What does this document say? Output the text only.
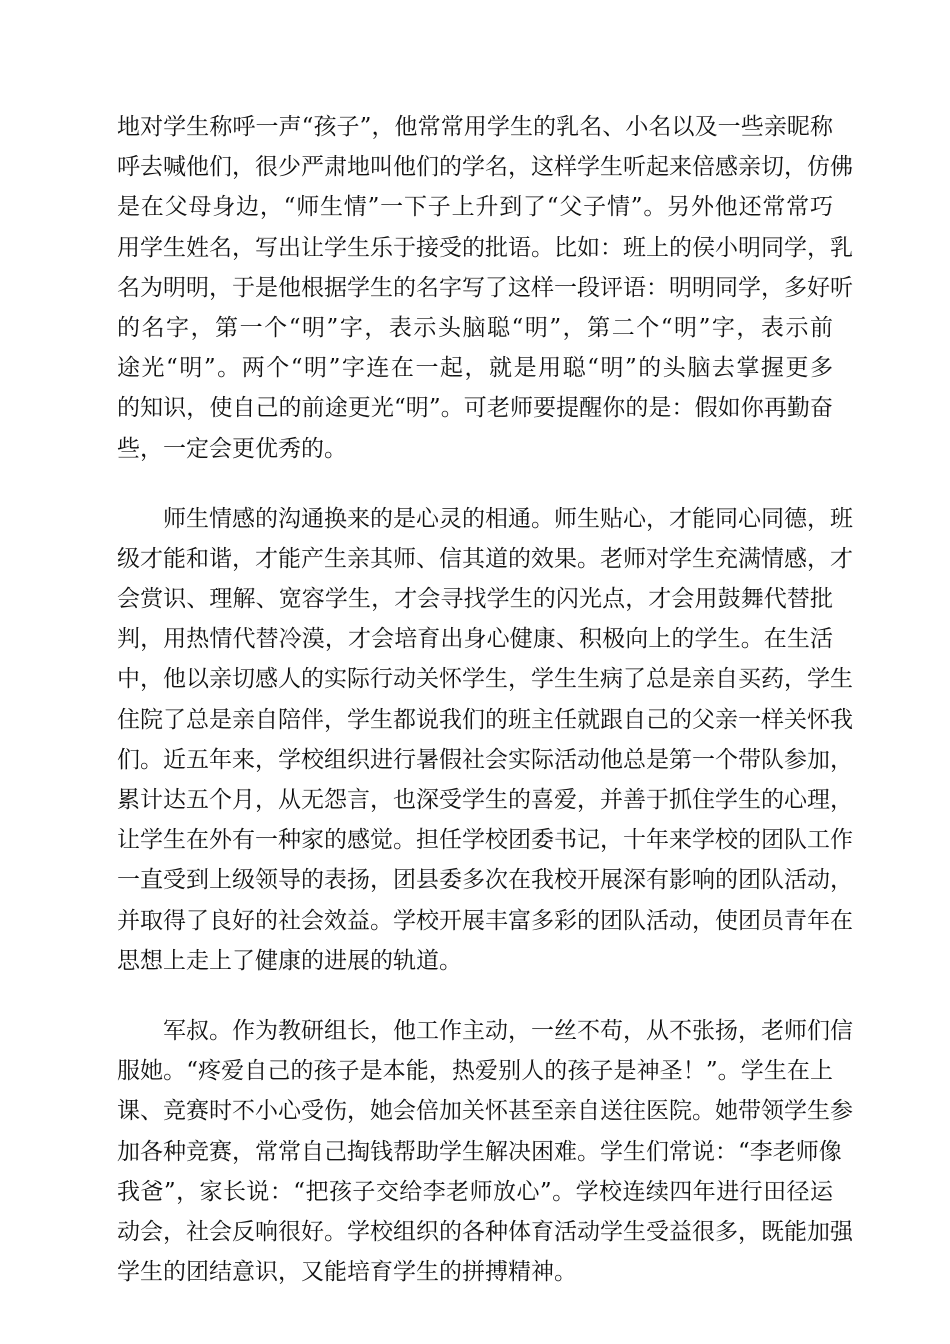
地对学生称呼一声“孩子”，他常常用学生的乳名、小名以及一些亲昵称
呼去喊他们，很少严肃地叫他们的学名，这样学生听起来倍感亲切，仿佛
是在父母身边，“师生情”一下子上升到了“父子情”。另外他还常常巧
用学生姓名，写出让学生乐于接受的批语。比如：班上的侯小明同学，乳
名为明明，于是他根据学生的名字写了这样一段评语：明明同学，多好听
的名字，第一个“明”字，表示头脑聪“明”，第二个“明”字，表示前
途光“明”。两个“明”字连在一起，就是用聪“明”的头脑去掌握更多
的知识，使自己的前途更光“明”。可老师要提醒你的是：假如你再勤奋
些，一定会更优秀的。
师生情感的沟通换来的是心灵的相通。师生贴心，才能同心同德，班
级才能和谐，才能产生亲其师、信其道的效果。老师对学生充满情感，才
会赏识、理解、宽容学生，才会寻找学生的闪光点，才会用鼓舞代替批
判，用热情代替冷漠，才会培育出身心健康、积极向上的学生。在生活
中，他以亲切感人的实际行动关怀学生，学生生病了总是亲自买药，学生
住院了总是亲自陪伴，学生都说我们的班主任就跟自己的父亲一样关怀我
们。近五年来，学校组织进行暑假社会实际活动他总是第一个带队参加，
累计达五个月，从无怨言，也深受学生的喜爱，并善于抓住学生的心理，
让学生在外有一种家的感觉。担任学校团委书记，十年来学校的团队工作
一直受到上级领导的表扬，团县委多次在我校开展深有影响的团队活动，
并取得了良好的社会效益。学校开展丰富多彩的团队活动，使团员青年在
思想上走上了健康的进展的轨道。
军叔。作为教研组长，他工作主动，一丝不苟，从不张扬，老师们信
服她。“疼爱自己的孩子是本能，热爱别人的孩子是神圣！”。学生在上
课、竞赛时不小心受伤，她会倍加关怀甚至亲自送往医院。她带领学生参
加各种竞赛，常常自己掏钱帮助学生解决困难。学生们常说：“李老师像
我爸”，家长说：“把孩子交给李老师放心”。学校连续四年进行田径运
动会，社会反响很好。学校组织的各种体育活动学生受益很多，既能加强
学生的团结意识，又能培育学生的拼搏精神。
